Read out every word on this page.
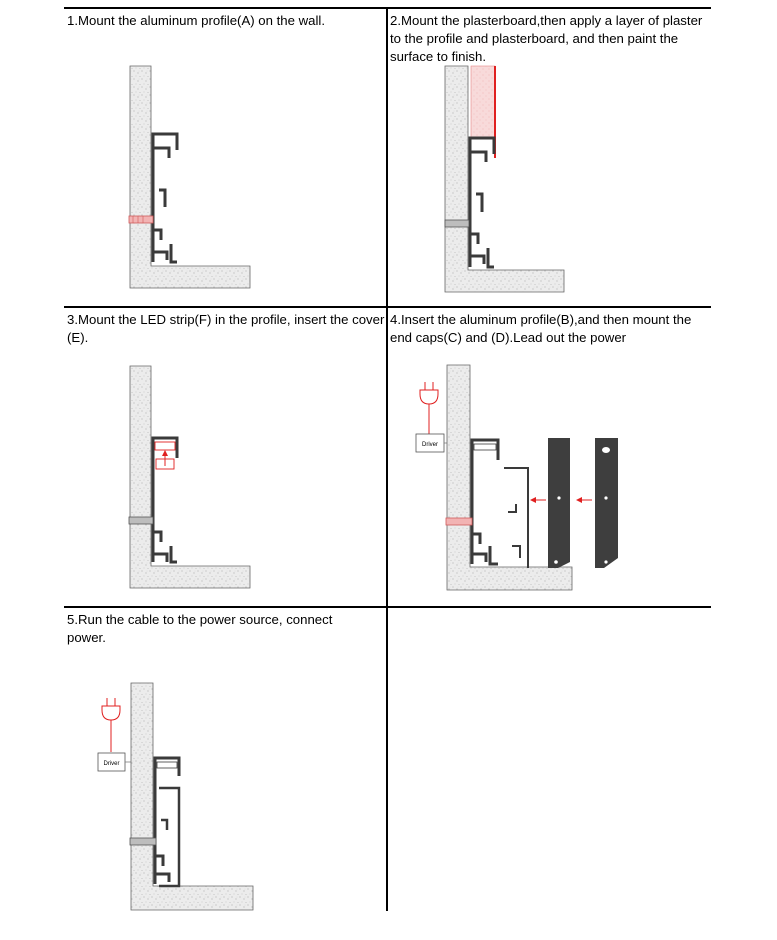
1.Mount the aluminum profile(A) on the wall.	2.Mount the plasterboard,then apply a layer of plaster to the profile and plasterboard, and then paint the surface to finish.

3.Mount the LED strip(F) in the profile, insert the cover (E).

4.Insert the aluminum profile(B),and then mount the end caps(C) and (D).Lead out the power

5.Run the cable to the power source, connect power.

Driver
Driver
